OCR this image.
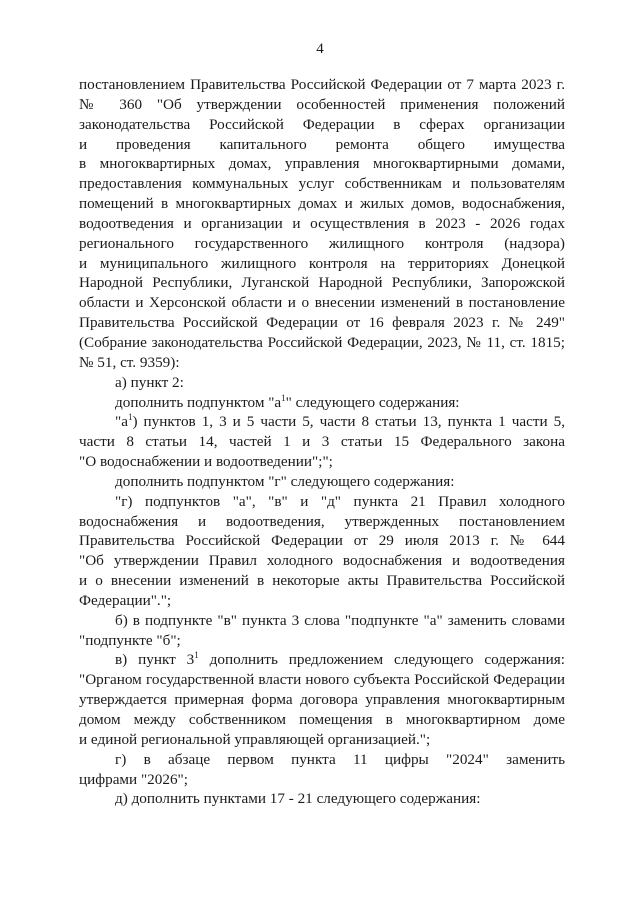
4

постановлением Правительства Российской Федерации от 7 марта 2023 г.

№ 360 "Об утверждении особенностей применения положений

законодательства Российской Федерации в сферах организации

и проведения капитального ремонта общего имущества

в многоквартирных домах, управления многоквартирными домами,

предоставления коммунальных услуг собственникам и пользователям

помещений в многоквартирных домах и жилых домов, водоснабжения,

водоотведения и организации и осуществления в 2023 - 2026 годах

регионального государственного жилищного контроля (надзора)

и муниципального жилищного контроля на территориях Донецкой

Народной Республики, Луганской Народной Республики, Запорожской

области и Херсонской области и о внесении изменений в постановление

Правительства Российской Федерации от 16 февраля 2023 г. № 249"

(Собрание законодательства Российской Федерации, 2023, № 11, ст. 1815;

№ 51, ст. 9359):

а) пункт 2:

дополнить подпунктом "$а^1$" следующего содержания:

"$а^1$) пунктов 1, 3 и 5 части 5, части 8 статьи 13, пункта 1 части 5,

части 8 статьи 14, частей 1 и 3 статьи 15 Федерального закона

"О водоснабжении и водоотведении";";

дополнить подпунктом "г" следующего содержания:

"г) подпунктов "а", "в" и "д" пункта 21 Правил холодного

водоснабжения и водоотведения, утвержденных постановлением

Правительства Российской Федерации от 29 июля 2013 г. № 644

"Об утверждении Правил холодного водоснабжения и водоотведения

и о внесении изменений в некоторые акты Правительства Российской

Федерации".";

б) в подпункте "в" пункта 3 слова "подпункте "а" заменить словами

"подпункте "б";

в) пункт $3^1$ дополнить предложением следующего содержания:

"Органом государственной власти нового субъекта Российской Федерации

утверждается примерная форма договора управления многоквартирным

домом между собственником помещения в многоквартирном доме

и единой региональной управляющей организацией.";

г) в абзаце первом пункта 11 цифры "2024" заменить

цифрами "2026";

д) дополнить пунктами 17 - 21 следующего содержания:
